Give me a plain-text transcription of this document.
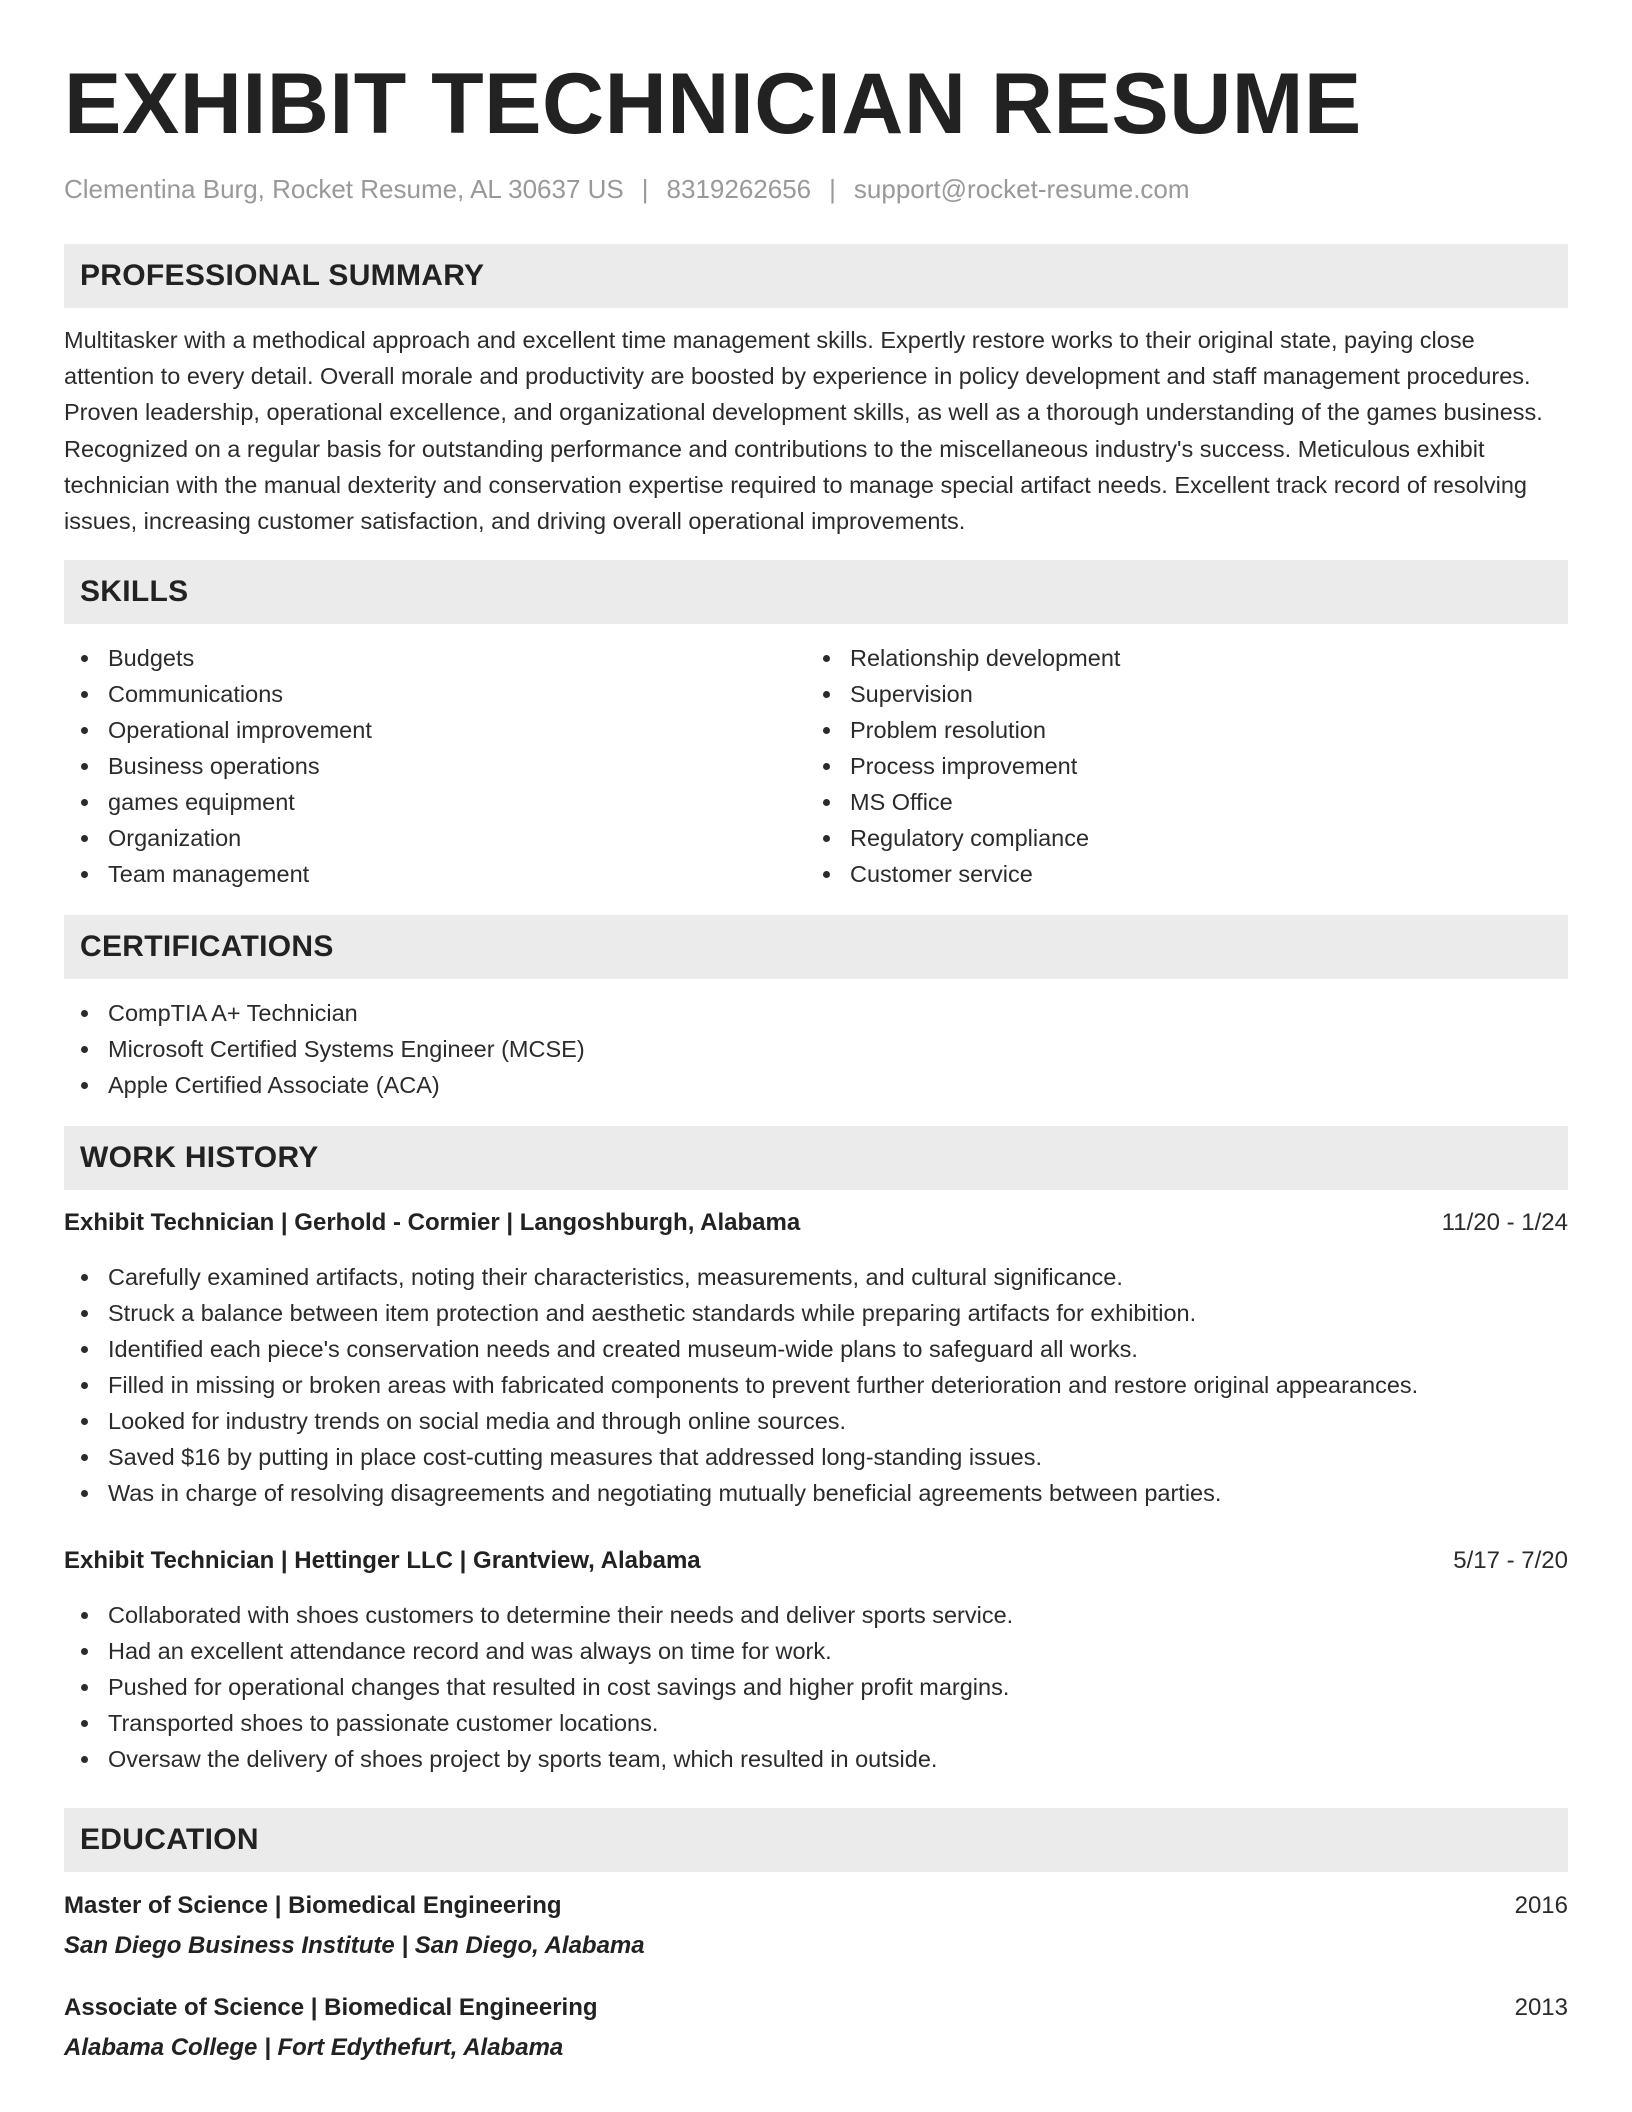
EXHIBIT TECHNICIAN RESUME
Clementina Burg, Rocket Resume, AL 30637 US | 8319262656 | support@rocket-resume.com
PROFESSIONAL SUMMARY

Multitasker with a methodical approach and excellent time management skills. Expertly restore works to their original state, paying close attention to every detail. Overall morale and productivity are boosted by experience in policy development and staff management procedures. Proven leadership, operational excellence, and organizational development skills, as well as a thorough understanding of the games business. Recognized on a regular basis for outstanding performance and contributions to the miscellaneous industry's success. Meticulous exhibit technician with the manual dexterity and conservation expertise required to manage special artifact needs. Excellent track record of resolving issues, increasing customer satisfaction, and driving overall operational improvements.

SKILLS
Budgets
Communications
Operational improvement
Business operations
games equipment
Organization
Team management
Relationship development
Supervision
Problem resolution
Process improvement
MS Office
Regulatory compliance
Customer service
CERTIFICATIONS
CompTIA A+ Technician
Microsoft Certified Systems Engineer (MCSE)
Apple Certified Associate (ACA)
WORK HISTORY
Exhibit Technician | Gerhold - Cormier | Langoshburgh, Alabama	11/20 - 1/24
Carefully examined artifacts, noting their characteristics, measurements, and cultural significance.
Struck a balance between item protection and aesthetic standards while preparing artifacts for exhibition.
Identified each piece's conservation needs and created museum-wide plans to safeguard all works.
Filled in missing or broken areas with fabricated components to prevent further deterioration and restore original appearances.
Looked for industry trends on social media and through online sources.
Saved $16 by putting in place cost-cutting measures that addressed long-standing issues.
Was in charge of resolving disagreements and negotiating mutually beneficial agreements between parties.
Exhibit Technician | Hettinger LLC | Grantview, Alabama	5/17 - 7/20
Collaborated with shoes customers to determine their needs and deliver sports service.
Had an excellent attendance record and was always on time for work.
Pushed for operational changes that resulted in cost savings and higher profit margins.
Transported shoes to passionate customer locations.
Oversaw the delivery of shoes project by sports team, which resulted in outside.
EDUCATION
Master of Science | Biomedical Engineering	2016
San Diego Business Institute | San Diego, Alabama
Associate of Science | Biomedical Engineering	2013
Alabama College | Fort Edythefurt, Alabama
